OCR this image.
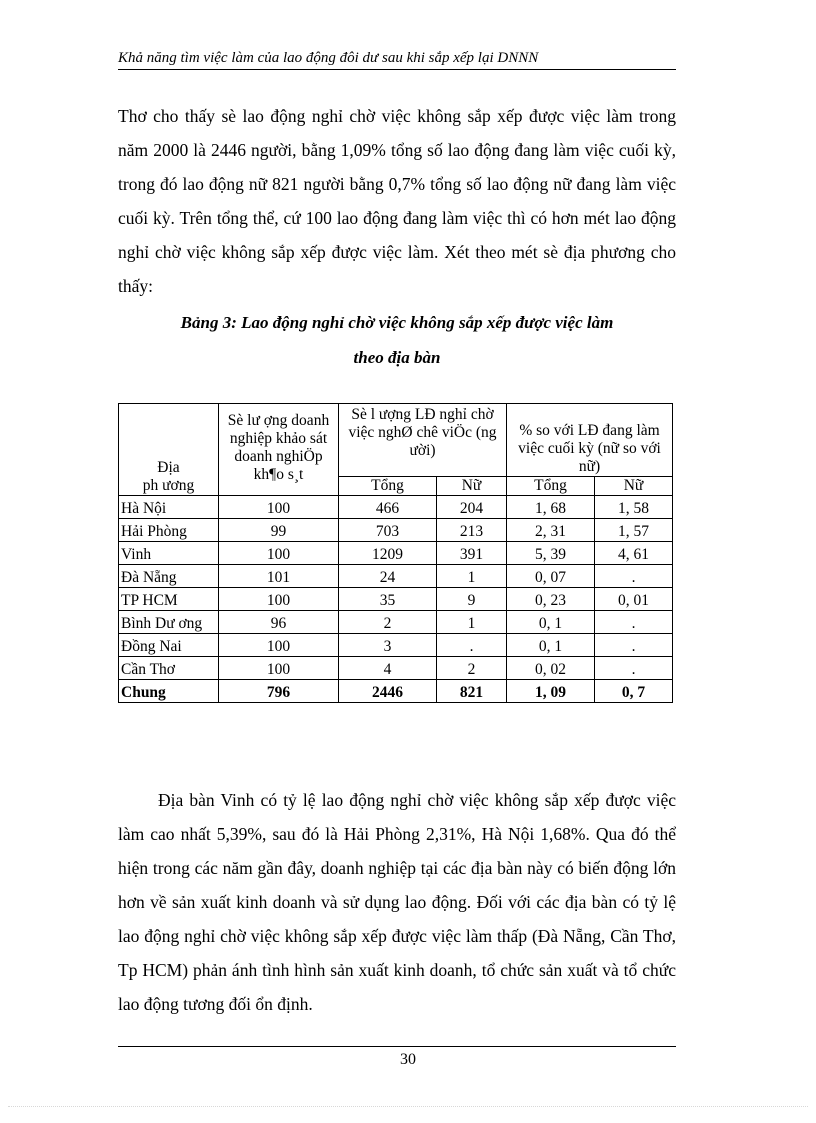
Khả năng tìm việc làm của lao động đôi dư sau khi sắp xếp lại DNNN

Thơ cho thấy sè lao động nghỉ chờ việc không sắp xếp được việc làm trong năm 2000 là 2446 người, bằng 1,09% tổng số lao động đang làm việc cuối kỳ, trong đó lao động nữ 821 người bằng 0,7% tổng số lao động nữ đang làm việc cuối kỳ. Trên tổng thể, cứ 100 lao động đang làm việc thì có hơn mét lao động nghỉ chờ việc không sắp xếp được việc làm. Xét theo mét sè địa phương cho thấy:

Bảng 3: Lao động nghỉ chờ việc không sắp xếp được việc làm
theo địa bàn
Địa
ph ương	Sè lư ợng doanh nghiệp khảo sát doanh nghiÖp kh¶o s¸t	Sè l ượng LĐ nghỉ chờ việc nghØ chê viÖc (ng ười)		% so với LĐ đang làm việc cuối kỳ (nữ so với nữ)	
		Tổng	Nữ	Tổng	Nữ
Hà Nội	100	466	204	1, 68	1, 58
Hải Phòng	99	703	213	2, 31	1, 57
Vinh	100	1209	391	5, 39	4, 61
Đà Nẵng	101	24	1	0, 07	.
TP HCM	100	35	9	0, 23	0, 01
Bình Dư ơng	96	2	1	0, 1	.
Đồng Nai	100	3	.	0, 1	.
Cần Thơ	100	4	2	0, 02	.
Chung	796	2446	821	1, 09	0, 7
Địa bàn Vinh có tỷ lệ lao động nghỉ chờ việc không sắp xếp được việc làm cao nhất 5,39%, sau đó là Hải Phòng 2,31%, Hà Nội 1,68%. Qua đó thể hiện trong các năm gần đây, doanh nghiệp tại các địa bàn này có biến động lớn hơn về sản xuất kinh doanh và sử dụng lao động. Đối với các địa bàn có tỷ lệ lao động nghỉ chờ việc không sắp xếp được việc làm thấp (Đà Nẵng, Cần Thơ, Tp HCM) phản ánh tình hình sản xuất kinh doanh, tổ chức sản xuất và tổ chức lao động tương đối ổn định.
30
